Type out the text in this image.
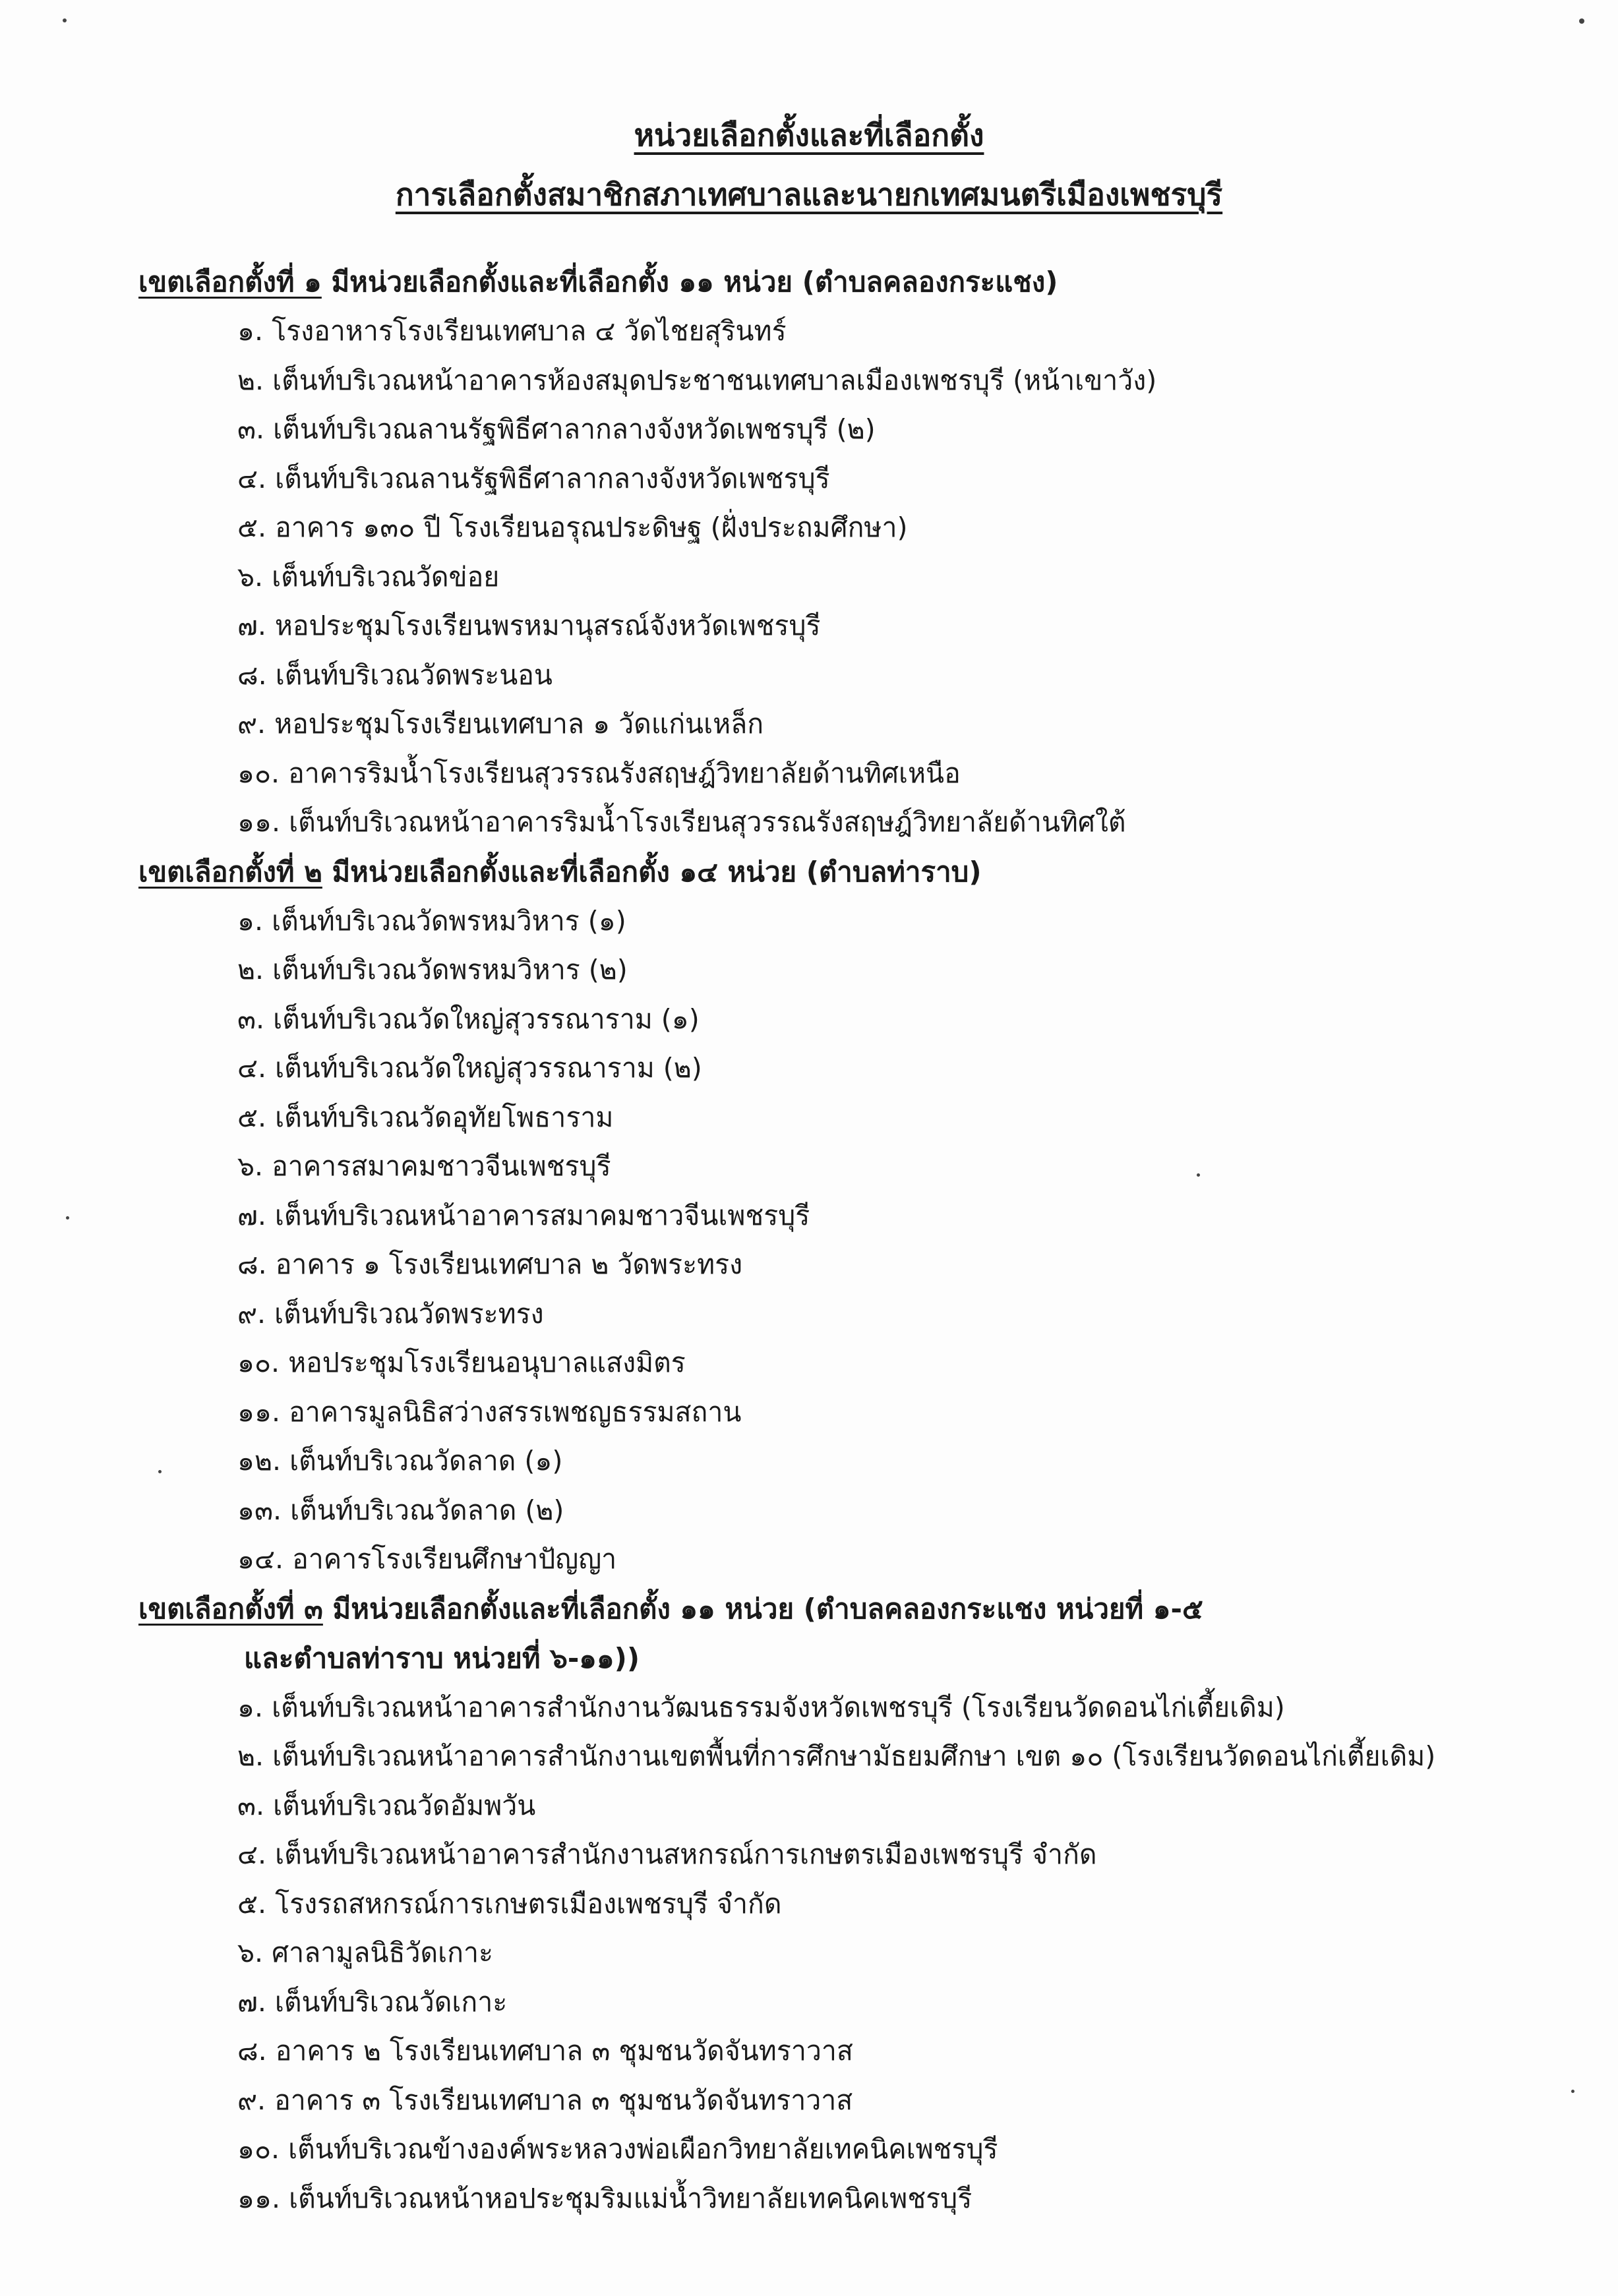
หน่วยเลือกตั้งและที่เลือกตั้ง
การเลือกตั้งสมาชิกสภาเทศบาลและนายกเทศมนตรีเมืองเพชรบุรี
เขตเลือกตั้งที่ ๑ มีหน่วยเลือกตั้งและที่เลือกตั้ง ๑๑ หน่วย (ตำบลคลองกระแชง)
๑. โรงอาหารโรงเรียนเทศบาล ๔ วัดไชยสุรินทร์
๒. เต็นท์บริเวณหน้าอาคารห้องสมุดประชาชนเทศบาลเมืองเพชรบุรี (หน้าเขาวัง)
๓. เต็นท์บริเวณลานรัฐพิธีศาลากลางจังหวัดเพชรบุรี (๒)
๔. เต็นท์บริเวณลานรัฐพิธีศาลากลางจังหวัดเพชรบุรี
๕. อาคาร ๑๓๐ ปี โรงเรียนอรุณประดิษฐ (ฝั่งประถมศึกษา)
๖. เต็นท์บริเวณวัดข่อย
๗. หอประชุมโรงเรียนพรหมานุสรณ์จังหวัดเพชรบุรี
๘. เต็นท์บริเวณวัดพระนอน
๙. หอประชุมโรงเรียนเทศบาล ๑ วัดแก่นเหล็ก
๑๐. อาคารริมน้ำโรงเรียนสุวรรณรังสฤษฎ์วิทยาลัยด้านทิศเหนือ
๑๑. เต็นท์บริเวณหน้าอาคารริมน้ำโรงเรียนสุวรรณรังสฤษฎ์วิทยาลัยด้านทิศใต้
เขตเลือกตั้งที่ ๒ มีหน่วยเลือกตั้งและที่เลือกตั้ง ๑๔ หน่วย (ตำบลท่าราบ)
๑. เต็นท์บริเวณวัดพรหมวิหาร (๑)
๒. เต็นท์บริเวณวัดพรหมวิหาร (๒)
๓. เต็นท์บริเวณวัดใหญ่สุวรรณาราม (๑)
๔. เต็นท์บริเวณวัดใหญ่สุวรรณาราม (๒)
๕. เต็นท์บริเวณวัดอุทัยโพธาราม
๖. อาคารสมาคมชาวจีนเพชรบุรี
๗. เต็นท์บริเวณหน้าอาคารสมาคมชาวจีนเพชรบุรี
๘. อาคาร ๑ โรงเรียนเทศบาล ๒ วัดพระทรง
๙. เต็นท์บริเวณวัดพระทรง
๑๐. หอประชุมโรงเรียนอนุบาลแสงมิตร
๑๑. อาคารมูลนิธิสว่างสรรเพชญธรรมสถาน
๑๒. เต็นท์บริเวณวัดลาด (๑)
๑๓. เต็นท์บริเวณวัดลาด (๒)
๑๔. อาคารโรงเรียนศึกษาปัญญา
เขตเลือกตั้งที่ ๓ มีหน่วยเลือกตั้งและที่เลือกตั้ง ๑๑ หน่วย (ตำบลคลองกระแชง หน่วยที่ ๑-๕
และตำบลท่าราบ หน่วยที่ ๖-๑๑))
๑. เต็นท์บริเวณหน้าอาคารสำนักงานวัฒนธรรมจังหวัดเพชรบุรี (โรงเรียนวัดดอนไก่เตี้ยเดิม)
๒. เต็นท์บริเวณหน้าอาคารสำนักงานเขตพื้นที่การศึกษามัธยมศึกษา เขต ๑๐ (โรงเรียนวัดดอนไก่เตี้ยเดิม)
๓. เต็นท์บริเวณวัดอัมพวัน
๔. เต็นท์บริเวณหน้าอาคารสำนักงานสหกรณ์การเกษตรเมืองเพชรบุรี จำกัด
๕. โรงรถสหกรณ์การเกษตรเมืองเพชรบุรี จำกัด
๖. ศาลามูลนิธิวัดเกาะ
๗. เต็นท์บริเวณวัดเกาะ
๘. อาคาร ๒ โรงเรียนเทศบาล ๓ ชุมชนวัดจันทราวาส
๙. อาคาร ๓ โรงเรียนเทศบาล ๓ ชุมชนวัดจันทราวาส
๑๐. เต็นท์บริเวณข้างองค์พระหลวงพ่อเผือกวิทยาลัยเทคนิคเพชรบุรี
๑๑. เต็นท์บริเวณหน้าหอประชุมริมแม่น้ำวิทยาลัยเทคนิคเพชรบุรี
